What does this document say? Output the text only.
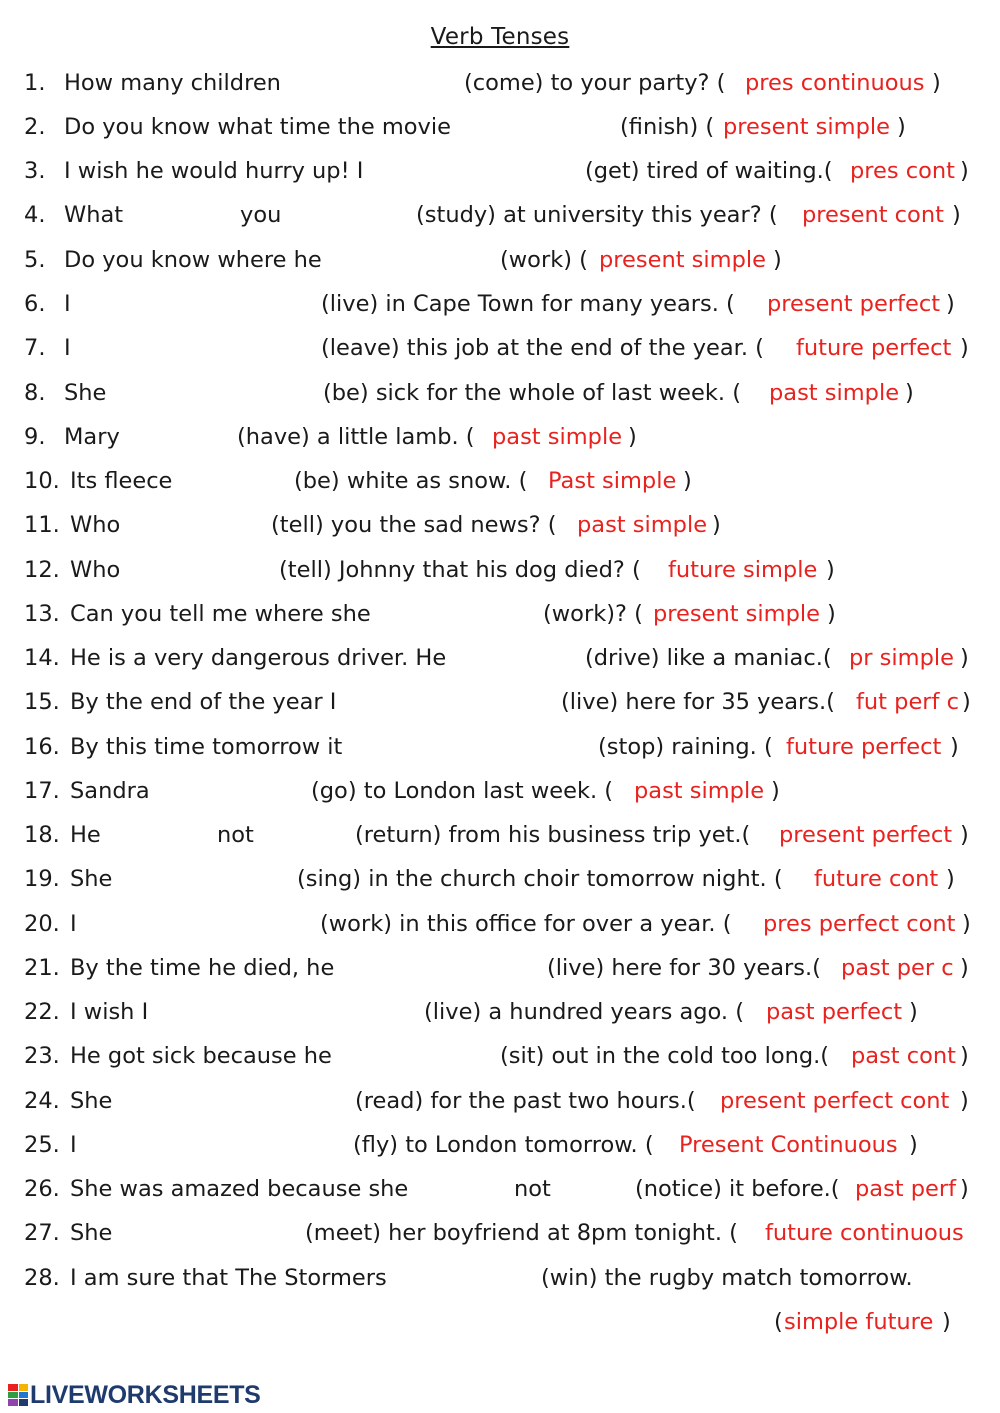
Verb Tenses
1. How many children	(come) to your party? ( pres continuous )
2. Do you know what time the movie	(finish) ( present simple )
3. I wish he would hurry up! I	(get) tired of waiting.( pres cont )
4. What	you	(study) at university this year? ( present cont )
5. Do you know where he	(work) ( present simple )
6. I	(live) in Cape Town for many years. ( present perfect )
7. I	(leave) this job at the end of the year. ( future perfect )
8. She	(be) sick for the whole of last week. ( past simple )
9. Mary	(have) a little lamb. ( past simple )
10. Its fleece	(be) white as snow. ( Past simple )
11. Who	(tell) you the sad news? ( past simple )
12. Who	(tell) Johnny that his dog died? ( future simple )
13. Can you tell me where she	(work)? ( present simple )
14. He is a very dangerous driver. He	(drive) like a maniac.( pr simple )
15. By the end of the year I	(live) here for 35 years.( fut perf c )
16. By this time tomorrow it	(stop) raining. ( future perfect )
17. Sandra	(go) to London last week. ( past simple )
18. He	not	(return) from his business trip yet.( present perfect )
19. She	(sing) in the church choir tomorrow night. ( future cont )
20. I	(work) in this office for over a year. ( pres perfect cont )
21. By the time he died, he	(live) here for 30 years.( past per c )
22. I wish I	(live) a hundred years ago. ( past perfect )
23. He got sick because he	(sit) out in the cold too long.( past cont )
24. She	(read) for the past two hours.( present perfect cont )
25. I	(fly) to London tomorrow. ( Present Continuous )
26. She was amazed because she	not	(notice) it before.( past perf )
27. She	(meet) her boyfriend at 8pm tonight. ( future continuous
28. I am sure that The Stormers	(win) the rugby match tomorrow.
( simple future )
LIVEWORKSHEETS
